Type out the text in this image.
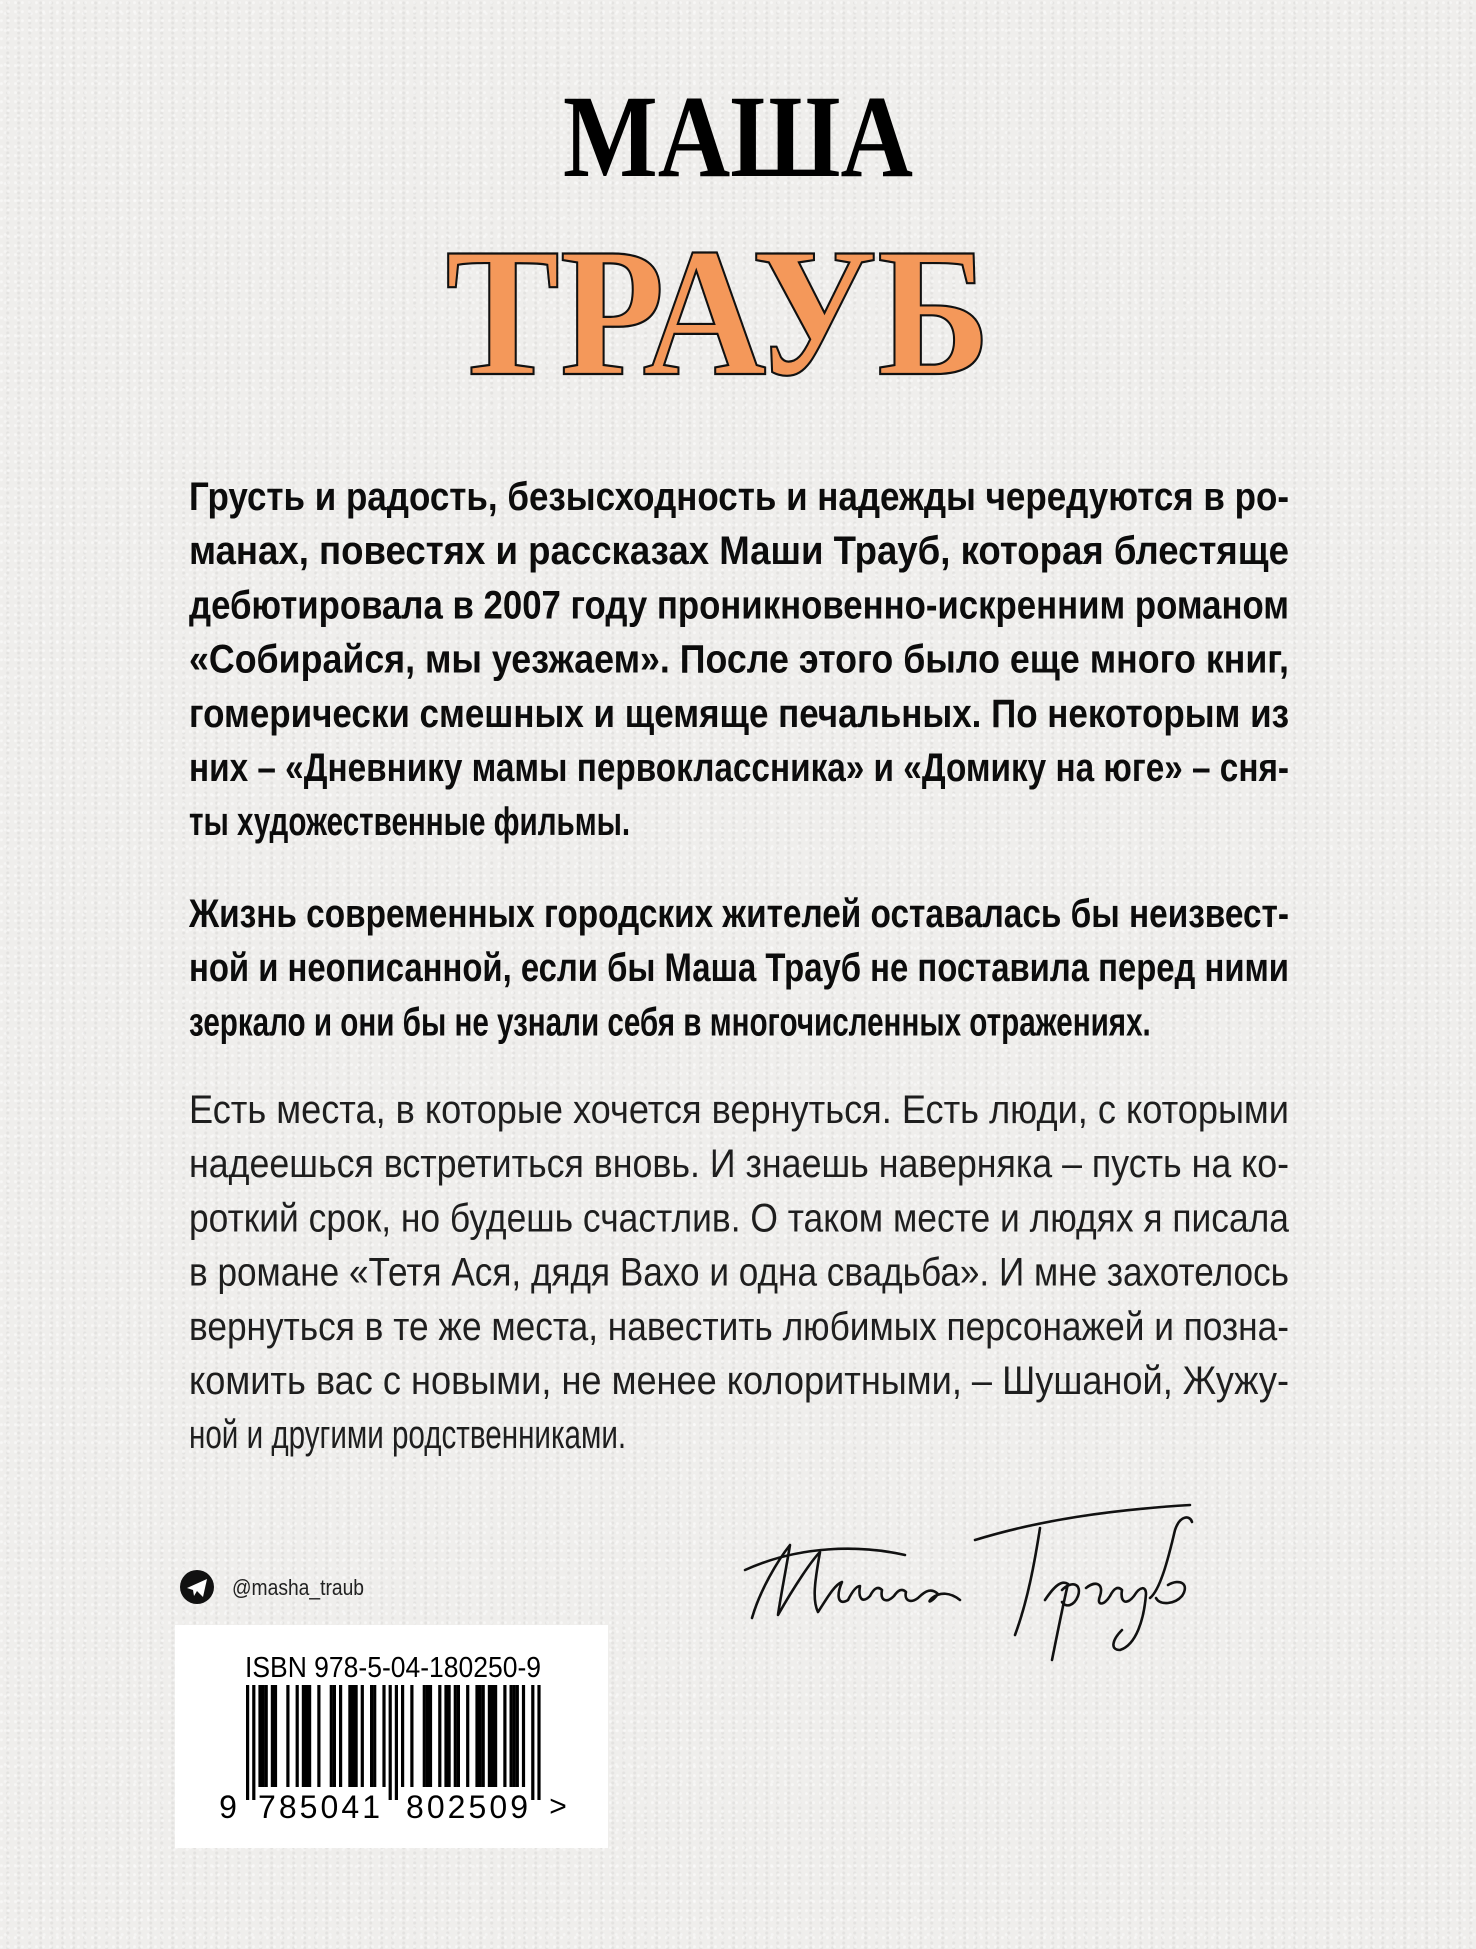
МАША
ТРАУБ
Грусть и радость, безысходность и надежды чередуются в ро-
манах, повестях и рассказах Маши Трауб, которая блестяще
дебютировала в 2007 году проникновенно-искренним романом
«Собирайся, мы уезжаем». После этого было еще много книг,
гомерически смешных и щемяще печальных. По некоторым из
них – «Дневнику мамы первоклассника» и «Домику на юге» – сня-
ты художественные фильмы.
Жизнь современных городских жителей оставалась бы неизвест-
ной и неописанной, если бы Маша Трауб не поставила перед ними
зеркало и они бы не узнали себя в многочисленных отражениях.
Есть места, в которые хочется вернуться. Есть люди, с которыми
надеешься встретиться вновь. И знаешь наверняка – пусть на ко-
роткий срок, но будешь счастлив. О таком месте и людях я писала
в романе «Тетя Ася, дядя Вахо и одна свадьба». И мне захотелось
вернуться в те же места, навестить любимых персонажей и позна-
комить вас с новыми, не менее колоритными, – Шушаной, Жужу-
ной и другими родственниками.
@masha_traub
ISBN 978-5-04-180250-9
9 785041 802509 >
